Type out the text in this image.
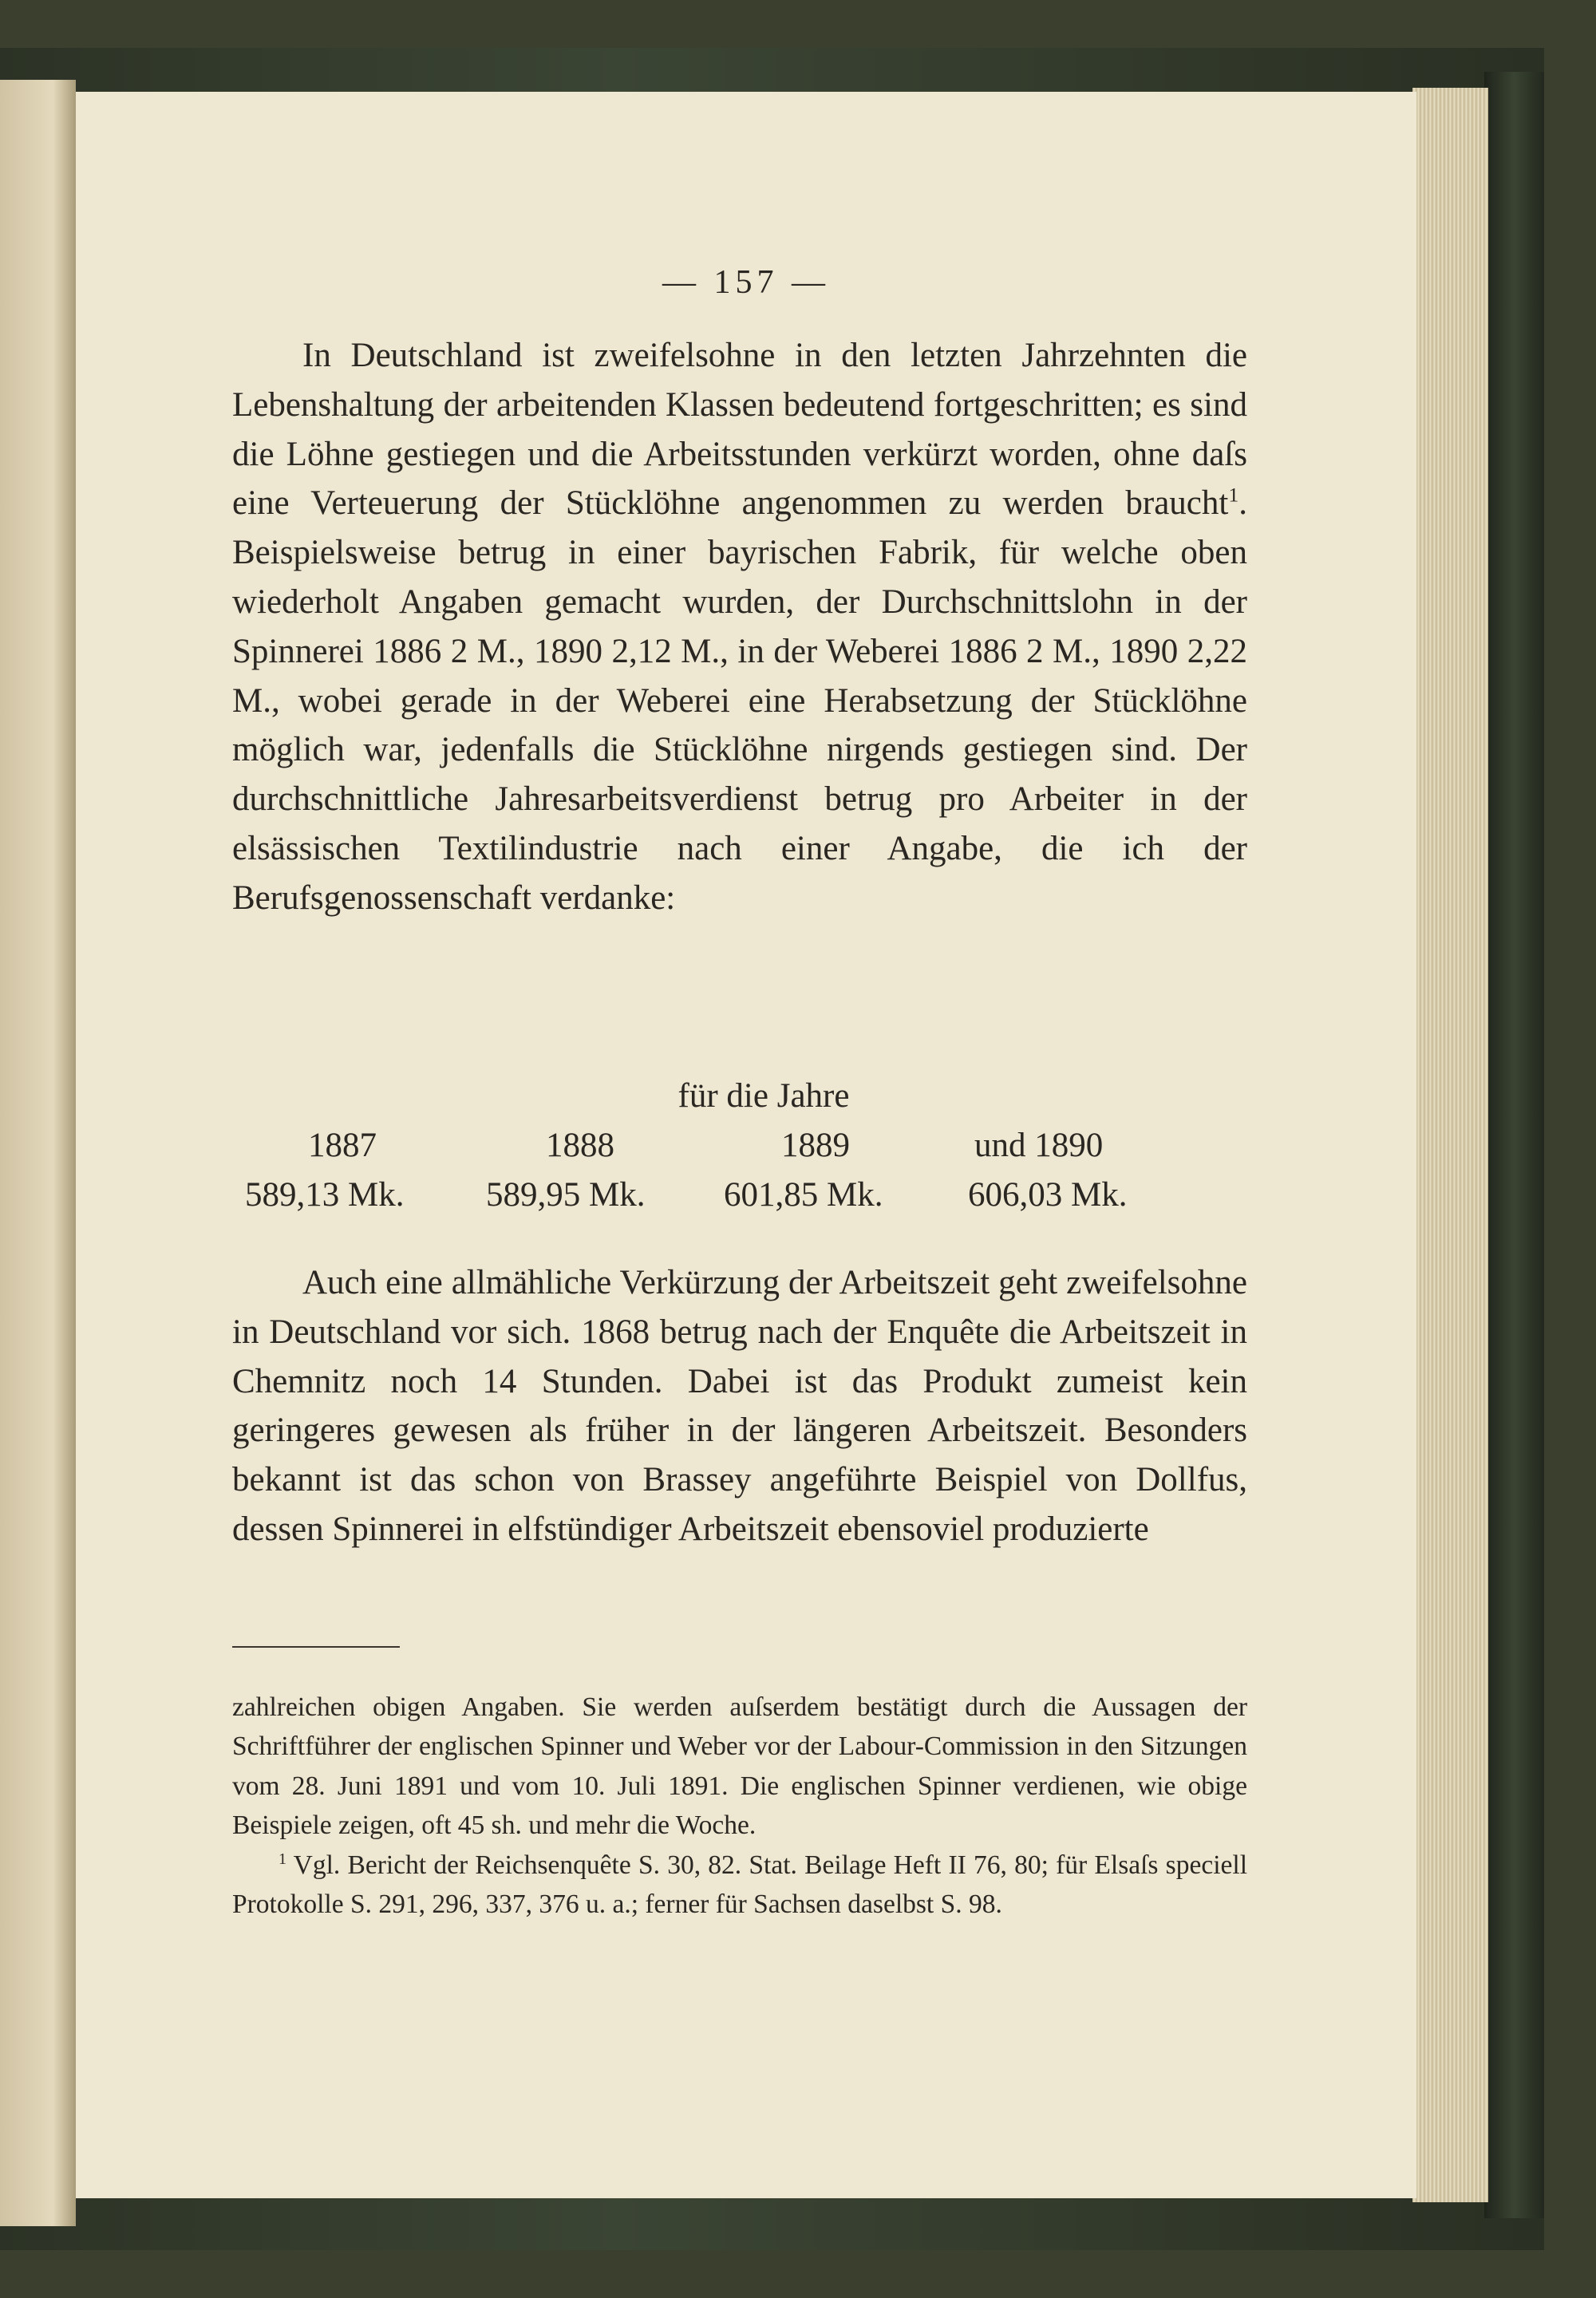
— 157 —

In Deutschland ist zweifelsohne in den letzten Jahrzehnten die Lebenshaltung der arbeitenden Klassen bedeutend fortgeschritten; es sind die Löhne gestiegen und die Arbeitsstunden verkürzt worden, ohne daſs eine Verteuerung der Stücklöhne angenommen zu werden braucht$^1$. Beispielsweise betrug in einer bayrischen Fabrik, für welche oben wiederholt Angaben gemacht wurden, der Durchschnittslohn in der Spinnerei 1886 2 M., 1890 2,12 M., in der Weberei 1886 2 M., 1890 2,22 M., wobei gerade in der Weberei eine Herabsetzung der Stücklöhne möglich war, jedenfalls die Stücklöhne nirgends gestiegen sind. Der durchschnittliche Jahresarbeitsverdienst betrug pro Arbeiter in der elsässischen Textilindustrie nach einer Angabe, die ich der Berufsgenossenschaft verdanke:

für die Jahre
1887	1888	1889	und 1890
589,13 Mk. 589,95 Mk. 601,85 Mk. 606,03 Mk.

Auch eine allmähliche Verkürzung der Arbeitszeit geht zweifelsohne in Deutschland vor sich. 1868 betrug nach der Enquête die Arbeitszeit in Chemnitz noch 14 Stunden. Dabei ist das Produkt zumeist kein geringeres gewesen als früher in der längeren Arbeitszeit. Besonders bekannt ist das schon von Brassey angeführte Beispiel von Dollfus, dessen Spinnerei in elfstündiger Arbeitszeit ebensoviel produzierte

zahlreichen obigen Angaben. Sie werden auſserdem bestätigt durch die Aussagen der Schriftführer der englischen Spinner und Weber vor der Labour-Commission in den Sitzungen vom 28. Juni 1891 und vom 10. Juli 1891. Die englischen Spinner verdienen, wie obige Beispiele zeigen, oft 45 sh. und mehr die Woche.

$^1$ Vgl. Bericht der Reichsenquête S. 30, 82. Stat. Beilage Heft II 76, 80; für Elsaſs speciell Protokolle S. 291, 296, 337, 376 u. a.; ferner für Sachsen daselbst S. 98.
